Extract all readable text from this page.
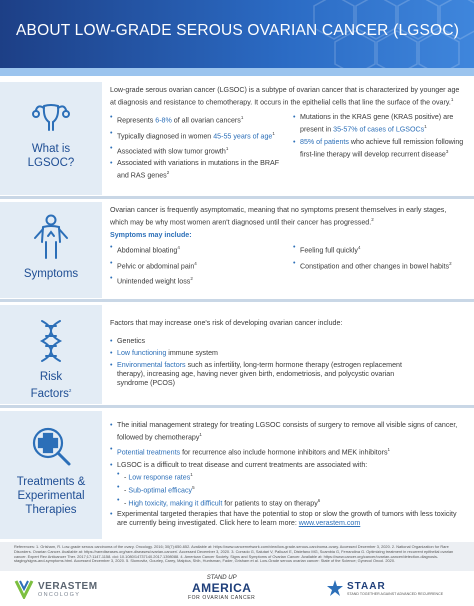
ABOUT LOW-GRADE SEROUS OVARIAN CANCER (LGSOC)
What is
LGSOC?

Low-grade serous ovarian cancer (LGSOC) is a subtype of ovarian cancer that is characterized by younger age at diagnosis and resistance to chemotherapy. It occurs in the epithelial cells that line the surface of the ovary.$^1$

• Represents 6-8% of all ovarian cancers$^1$
• Typically diagnosed in women 45-55 years of age$^1$
• Associated with slow tumor growth$^1$
• Associated with variations in mutations in the BRAF and RAS genes$^2$
• Mutations in the KRAS gene (KRAS positive) are present in 35-57% of cases of LGSOCs$^1$
• 85% of patients who achieve full remission following first-line therapy will develop recurrent disease$^3$
Symptoms

Ovarian cancer is frequently asymptomatic, meaning that no symptoms present themselves in early stages, which may be why most women aren't diagnosed until their cancer has progressed.$^2$

Symptoms may include:
• Abdominal bloating$^4$
• Pelvic or abdominal pain$^4$
• Unintended weight loss$^2$
• Feeling full quickly$^4$
• Constipation and other changes in bowel habits$^2$
Risk
Factors$^2$

Factors that may increase one's risk of developing ovarian cancer include:

• Genetics
• Low functioning immune system
• Environmental factors such as infertility, long-term hormone therapy (estrogen replacement therapy), increasing age, having never given birth, endometriosis, and polycystic ovarian syndrome (PCOS)
Treatments &
Experimental
Therapies
• The initial management strategy for treating LGSOC consists of surgery to remove all visible signs of cancer, followed by chemotherapy$^1$
• Potential treatments for recurrence also include hormone inhibitors and MEK inhibitors$^1$
• LGSOC is a difficult to treat disease and current treatments are associated with:
• - Low response rates$^1$
• - Sub-optimal efficacy$^5$
• - High toxicity, making it difficult for patients to stay on therapy$^6$
• Experimental targeted therapies that have the potential to stop or slow the growth of tumors with less toxicity are currently being investigated. Click here to learn more: www.verastem.com
References: 1. Grisham, R. Low-grade serous carcinoma of the ovary. Oncology. 2016; 30(7):650-652. Available at: https://www.cancernetwork.com/view/low-grade-serous-carcinoma-ovary. Accessed December 3, 2020. 2. National Organization for Rare Disorders. Ovarian Cancer. Available at: https://rarediseases.org/rare-diseases/ovarian-cancer/. Accessed December 3, 2020. 3. Corrado G, Salutari V, Palluzzi E, Distefano MG, Scambia G, Ferrandina G. Optimizing treatment in recurrent epithelial ovarian cancer. Expert Rev Anticancer Ther. 2017;17:1147-1158. doi: 10.1080/14737140.2017.1398088. 4. American Cancer Society. Signs and Symptoms of Ovarian Cancer. Available at: https://www.cancer.org/cancer/ovarian-cancer/detection-diagnosis-staging/signs-and-symptoms.html. Accessed December 3, 2020. 5. Slomovitz, Gourley, Carey, Malpica, Shih, Huntsman, Fader, Grisham et al. Low-Grade serous ovarian cancer: State of the Science; Gynecol Oncol. 2020.
VERASTEM
ONCOLOGY
STAND UP
AMERICA
FOR OVARIAN CANCER
STAAR
STAND TOGETHER AGAINST ADVANCED RECURRENCE
